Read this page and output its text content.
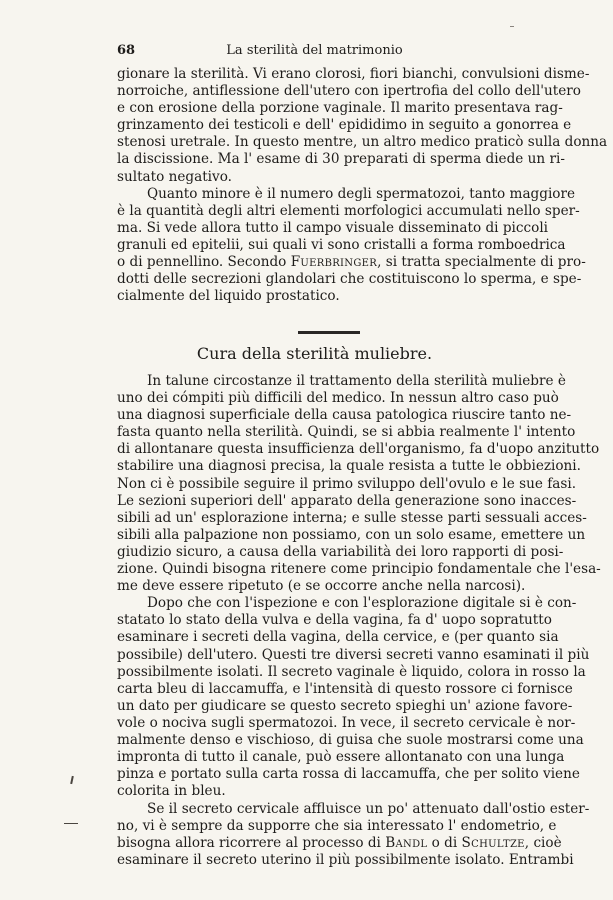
68	La sterilità del matrimonio
gionare la sterilità. Vi erano clorosi, fiori bianchi, convulsioni disme-
norroiche, antiflessione dell'utero con ipertrofia del collo dell'utero
e con erosione della porzione vaginale. Il marito presentava rag-
grinzamento dei testicoli e dell' epididimo in seguito a gonorrea e
stenosi uretrale. In questo mentre, un altro medico praticò sulla donna
la discissione. Ma l' esame di 30 preparati di sperma diede un ri-
sultato negativo.
Quanto minore è il numero degli spermatozoi, tanto maggiore
è la quantità degli altri elementi morfologici accumulati nello sper-
ma. Si vede allora tutto il campo visuale disseminato di piccoli
granuli ed epitelii, sui quali vi sono cristalli a forma romboedrica
o di pennellino. Secondo Fuerbringer, si tratta specialmente di pro-
dotti delle secrezioni glandolari che costituiscono lo sperma, e spe-
cialmente del liquido prostatico.
Cura della sterilità muliebre.
In talune circostanze il trattamento della sterilità muliebre è
uno dei cómpiti più difficili del medico. In nessun altro caso può
una diagnosi superficiale della causa patologica riuscire tanto ne-
fasta quanto nella sterilità. Quindi, se si abbia realmente l' intento
di allontanare questa insufficienza dell'organismo, fa d'uopo anzitutto
stabilire una diagnosi precisa, la quale resista a tutte le obbiezioni.
Non ci è possibile seguire il primo sviluppo dell'ovulo e le sue fasi.
Le sezioni superiori dell' apparato della generazione sono inacces-
sibili ad un' esplorazione interna; e sulle stesse parti sessuali acces-
sibili alla palpazione non possiamo, con un solo esame, emettere un
giudizio sicuro, a causa della variabilità dei loro rapporti di posi-
zione. Quindi bisogna ritenere come principio fondamentale che l'esa-
me deve essere ripetuto (e se occorre anche nella narcosi).
Dopo che con l'ispezione e con l'esplorazione digitale si è con-
statato lo stato della vulva e della vagina, fa d' uopo sopratutto
esaminare i secreti della vagina, della cervice, e (per quanto sia
possibile) dell'utero. Questi tre diversi secreti vanno esaminati il più
possibilmente isolati. Il secreto vaginale è liquido, colora in rosso la
carta bleu di laccamuffa, e l'intensità di questo rossore ci fornisce
un dato per giudicare se questo secreto spieghi un' azione favore-
vole o nociva sugli spermatozoi. In vece, il secreto cervicale è nor-
malmente denso e vischioso, di guisa che suole mostrarsi come una
impronta di tutto il canale, può essere allontanato con una lunga
pinza e portato sulla carta rossa di laccamuffa, che per solito viene
colorita in bleu.
Se il secreto cervicale affluisce un po' attenuato dall'ostio ester-
no, vi è sempre da supporre che sia interessato l' endometrio, e
bisogna allora ricorrere al processo di Bandl o di Schultze, cioè
esaminare il secreto uterino il più possibilmente isolato. Entrambi
